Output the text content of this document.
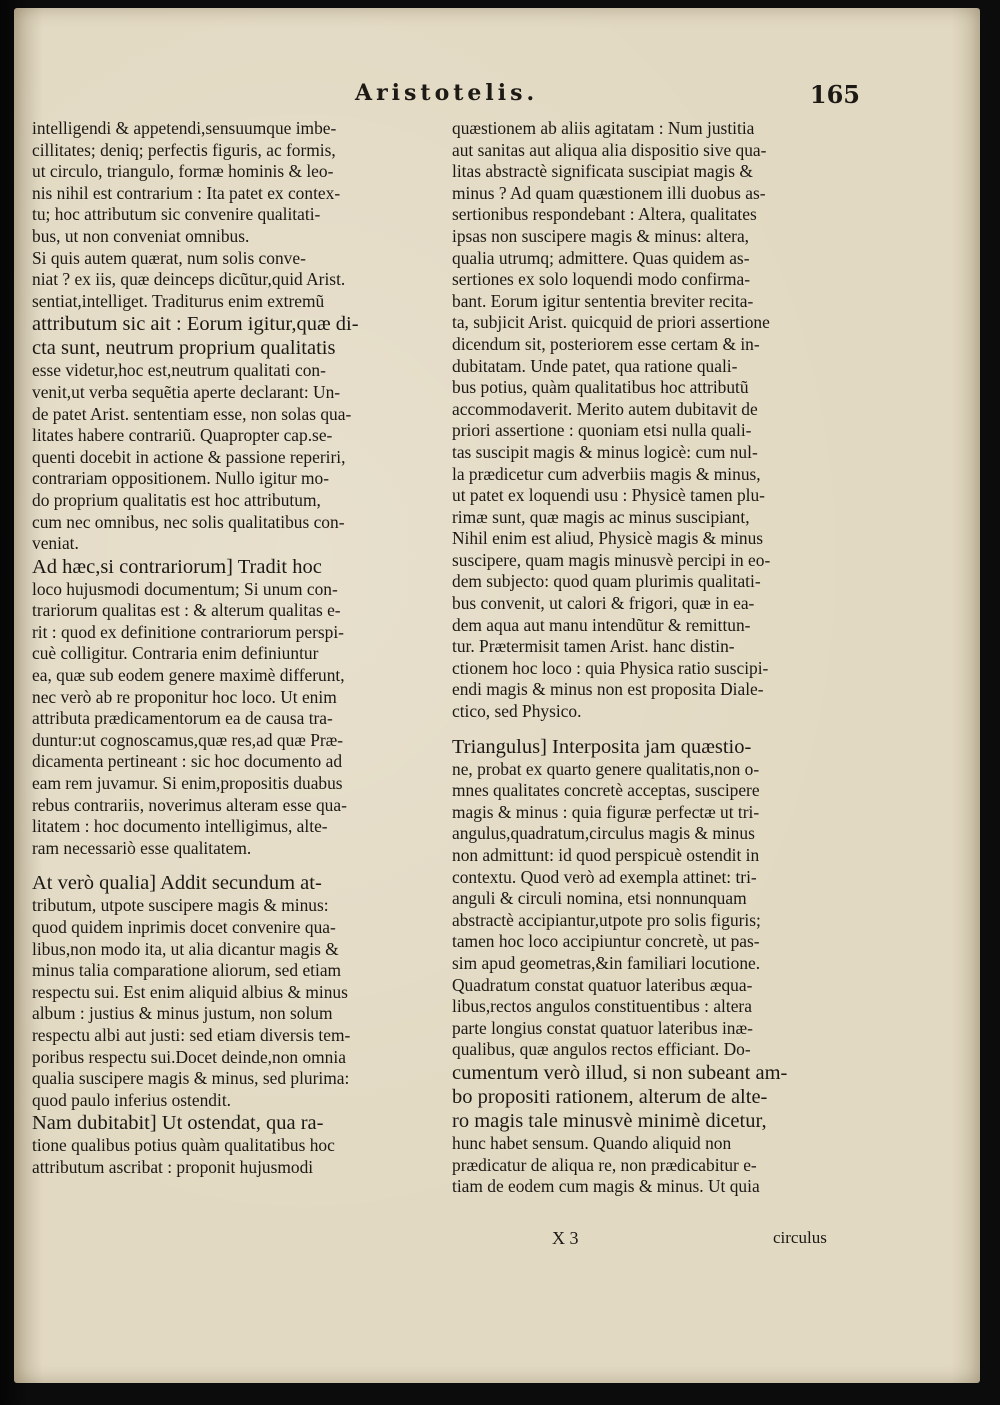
Aristotelis.	165
intelligendi & appetendi,sensuumque imbe-
cillitates; deniq; perfectis figuris, ac formis,
ut circulo, triangulo, formæ hominis & leo-
nis nihil est contrarium : Ita patet ex contex-
tu; hoc attributum sic convenire qualitati-
bus, ut non conveniat omnibus.
Si quis autem quærat, num solis conve-
niat ? ex iis, quæ deinceps dicũtur,quid Arist.
sentiat,intelliget. Traditurus enim extremũ
attributum sic ait : Eorum igitur,quæ di-
cta sunt, neutrum proprium qualitatis
esse videtur,hoc est,neutrum qualitati con-
venit,ut verba sequẽtia aperte declarant: Un-
de patet Arist. sententiam esse, non solas qua-
litates habere contrariũ. Quapropter cap.se-
quenti docebit in actione & passione reperiri,
contrariam oppositionem. Nullo igitur mo-
do proprium qualitatis est hoc attributum,
cum nec omnibus, nec solis qualitatibus con-
veniat.
Ad hæc,si contrariorum] Tradit hoc
loco hujusmodi documentum; Si unum con-
trariorum qualitas est : & alterum qualitas e-
rit : quod ex definitione contrariorum perspi-
cuè colligitur. Contraria enim definiuntur
ea, quæ sub eodem genere maximè differunt,
nec verò ab re proponitur hoc loco. Ut enim
attributa prædicamentorum ea de causa tra-
duntur:ut cognoscamus,quæ res,ad quæ Præ-
dicamenta pertineant : sic hoc documento ad
eam rem juvamur. Si enim,propositis duabus
rebus contrariis, noverimus alteram esse qua-
litatem : hoc documento intelligimus, alte-
ram necessariò esse qualitatem.
At verò qualia] Addit secundum at-
tributum, utpote suscipere magis & minus:
quod quidem inprimis docet convenire qua-
libus,non modo ita, ut alia dicantur magis &
minus talia comparatione aliorum, sed etiam
respectu sui. Est enim aliquid albius & minus
album : justius & minus justum, non solum
respectu albi aut justi: sed etiam diversis tem-
poribus respectu sui.Docet deinde,non omnia
qualia suscipere magis & minus, sed plurima:
quod paulo inferius ostendit.
Nam dubitabit] Ut ostendat, qua ra-
tione qualibus potius quàm qualitatibus hoc
attributum ascribat : proponit hujusmodi
quæstionem ab aliis agitatam : Num justitia
aut sanitas aut aliqua alia dispositio sive qua-
litas abstractè significata suscipiat magis &
minus ? Ad quam quæstionem illi duobus as-
sertionibus respondebant : Altera, qualitates
ipsas non suscipere magis & minus: altera,
qualia utrumq; admittere. Quas quidem as-
sertiones ex solo loquendi modo confirma-
bant. Eorum igitur sententia breviter recita-
ta, subjicit Arist. quicquid de priori assertione
dicendum sit, posteriorem esse certam & in-
dubitatam. Unde patet, qua ratione quali-
bus potius, quàm qualitatibus hoc attributũ
accommodaverit. Merito autem dubitavit de
priori assertione : quoniam etsi nulla quali-
tas suscipit magis & minus logicè: cum nul-
la prædicetur cum adverbiis magis & minus,
ut patet ex loquendi usu : Physicè tamen plu-
rimæ sunt, quæ magis ac minus suscipiant,
Nihil enim est aliud, Physicè magis & minus
suscipere, quam magis minusvè percipi in eo-
dem subjecto: quod quam plurimis qualitati-
bus convenit, ut calori & frigori, quæ in ea-
dem aqua aut manu intendũtur & remittun-
tur. Prætermisit tamen Arist. hanc distin-
ctionem hoc loco : quia Physica ratio suscipi-
endi magis & minus non est proposita Diale-
ctico, sed Physico.
Triangulus] Interposita jam quæstio-
ne, probat ex quarto genere qualitatis,non o-
mnes qualitates concretè acceptas, suscipere
magis & minus : quia figuræ perfectæ ut tri-
angulus,quadratum,circulus magis & minus
non admittunt: id quod perspicuè ostendit in
contextu. Quod verò ad exempla attinet: tri-
anguli & circuli nomina, etsi nonnunquam
abstractè accipiantur,utpote pro solis figuris;
tamen hoc loco accipiuntur concretè, ut pas-
sim apud geometras,&in familiari locutione.
Quadratum constat quatuor lateribus æqua-
libus,rectos angulos constituentibus : altera
parte longius constat quatuor lateribus inæ-
qualibus, quæ angulos rectos efficiant. Do-
cumentum verò illud, si non subeant am-
bo propositi rationem, alterum de alte-
ro magis tale minusvè minimè dicetur,
hunc habet sensum. Quando aliquid non
prædicatur de aliqua re, non prædicabitur e-
tiam de eodem cum magis & minus. Ut quia
X 3	circulus
